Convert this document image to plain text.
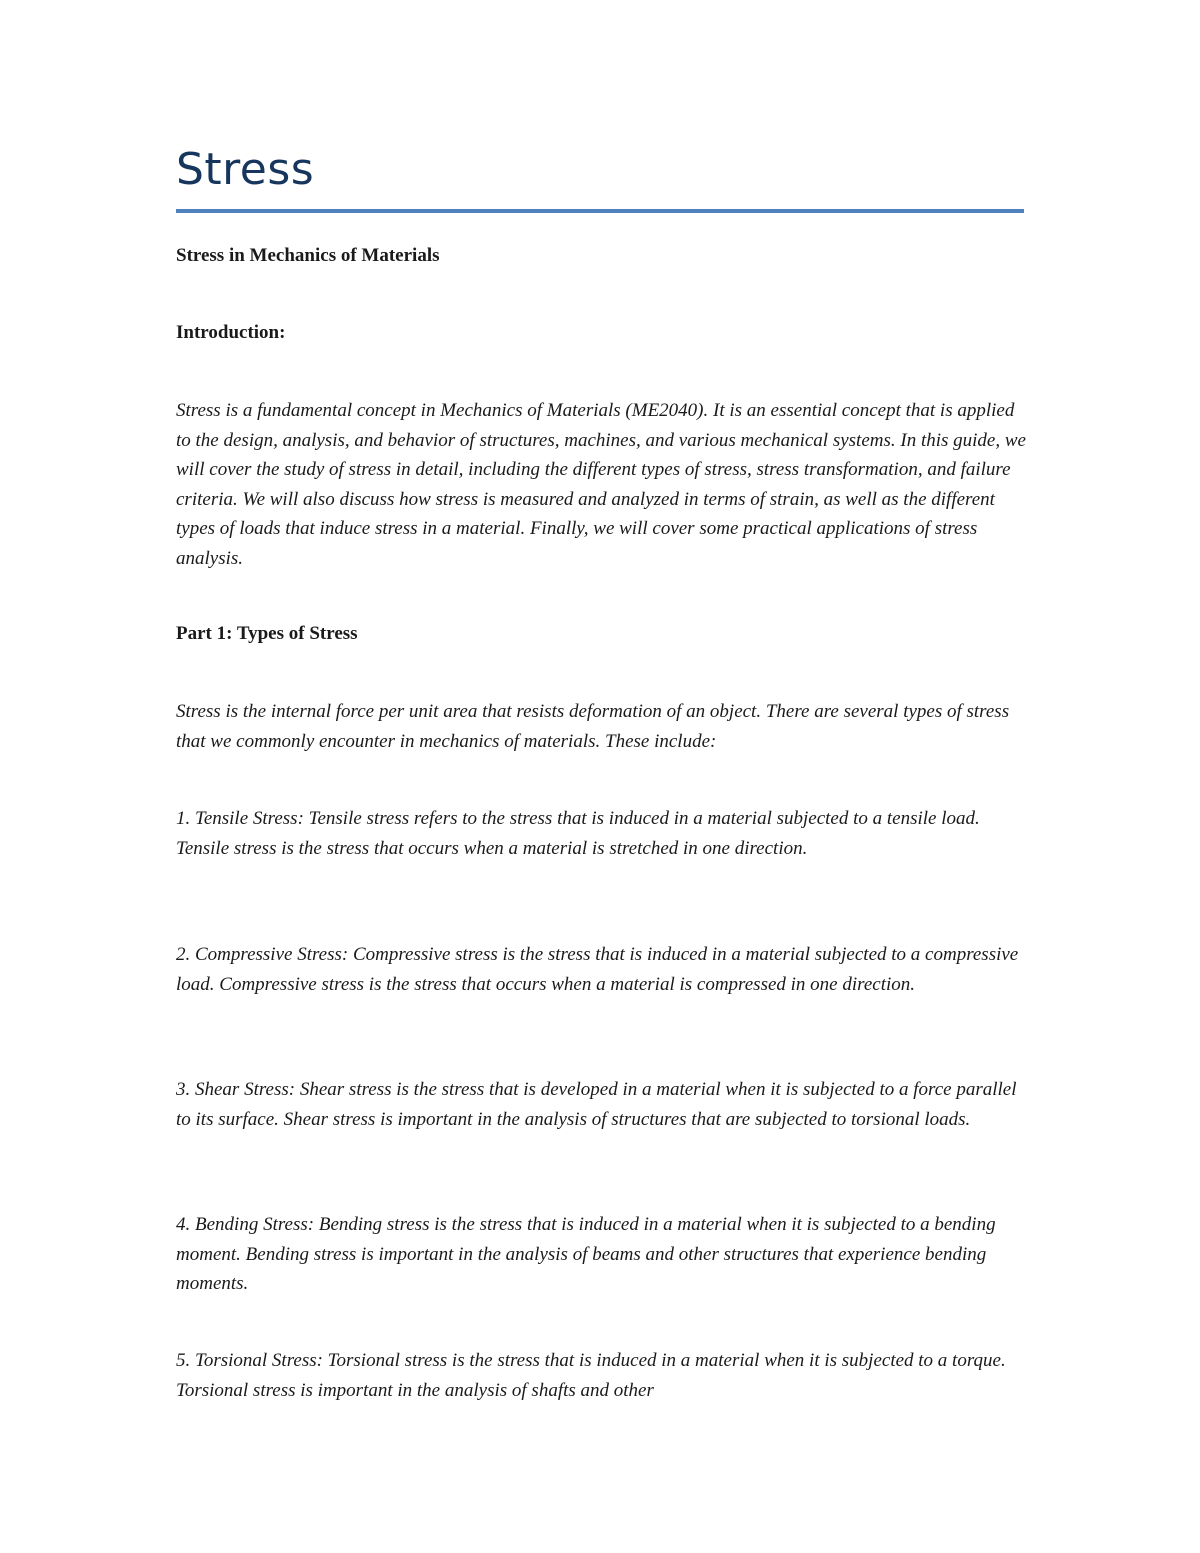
Stress

Stress in Mechanics of Materials

Introduction:

Stress is a fundamental concept in Mechanics of Materials (ME2040). It is an essential concept that is applied to the design, analysis, and behavior of structures, machines, and various mechanical systems. In this guide, we will cover the study of stress in detail, including the different types of stress, stress transformation, and failure criteria. We will also discuss how stress is measured and analyzed in terms of strain, as well as the different types of loads that induce stress in a material. Finally, we will cover some practical applications of stress analysis.

Part 1: Types of Stress

Stress is the internal force per unit area that resists deformation of an object. There are several types of stress that we commonly encounter in mechanics of materials. These include:

1. Tensile Stress: Tensile stress refers to the stress that is induced in a material subjected to a tensile load. Tensile stress is the stress that occurs when a material is stretched in one direction.

2. Compressive Stress: Compressive stress is the stress that is induced in a material subjected to a compressive load. Compressive stress is the stress that occurs when a material is compressed in one direction.

3. Shear Stress: Shear stress is the stress that is developed in a material when it is subjected to a force parallel to its surface. Shear stress is important in the analysis of structures that are subjected to torsional loads.

4. Bending Stress: Bending stress is the stress that is induced in a material when it is subjected to a bending moment. Bending stress is important in the analysis of beams and other structures that experience bending moments.

5. Torsional Stress: Torsional stress is the stress that is induced in a material when it is subjected to a torque. Torsional stress is important in the analysis of shafts and other
